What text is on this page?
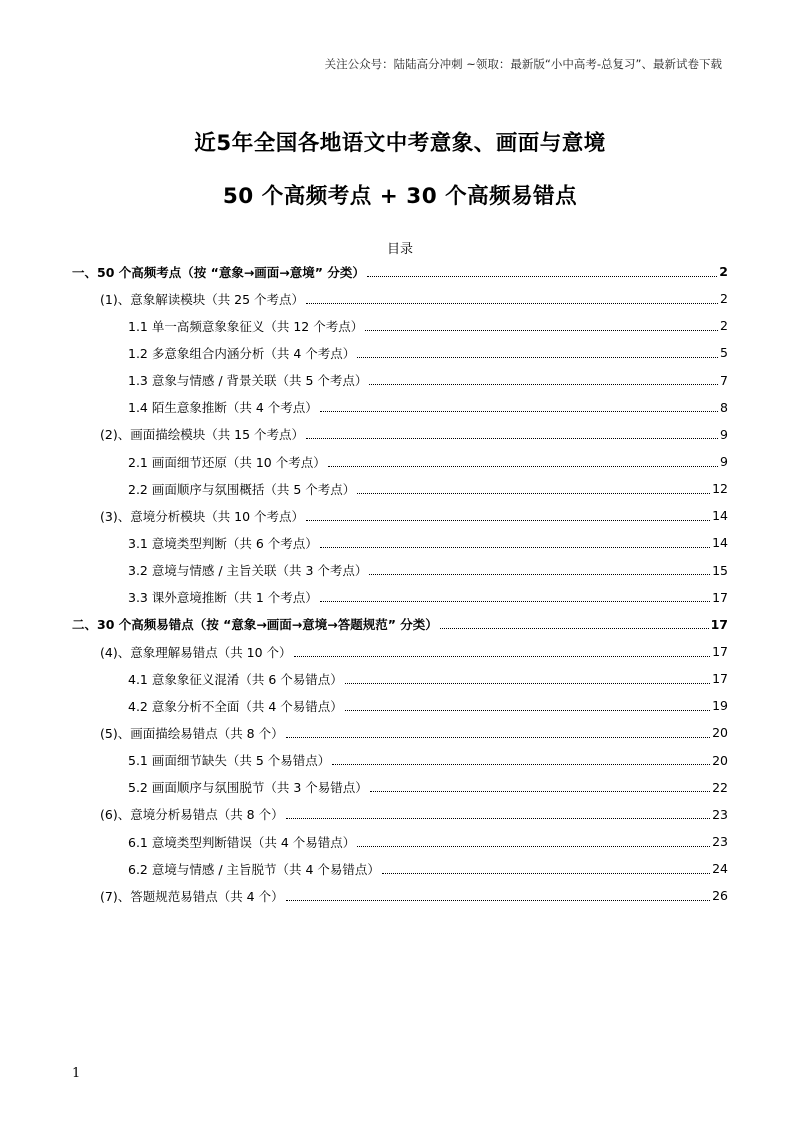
关注公众号：陆陆高分冲刺 ~领取：最新版“小中高考-总复习”、最新试卷下载
近5年全国各地语文中考意象、画面与意境
50 个高频考点 + 30 个高频易错点
目录
一、50 个高频考点（按 “意象→画面→意境” 分类）	2
(1)、意象解读模块（共 25 个考点）	2
1.1 单一高频意象象征义（共 12 个考点）	2
1.2 多意象组合内涵分析（共 4 个考点）	5
1.3 意象与情感 / 背景关联（共 5 个考点）	7
1.4 陌生意象推断（共 4 个考点）	8
(2)、画面描绘模块（共 15 个考点）	9
2.1 画面细节还原（共 10 个考点）	9
2.2 画面顺序与氛围概括（共 5 个考点）	12
(3)、意境分析模块（共 10 个考点）	14
3.1 意境类型判断（共 6 个考点）	14
3.2 意境与情感 / 主旨关联（共 3 个考点）	15
3.3 课外意境推断（共 1 个考点）	17
二、30 个高频易错点（按 “意象→画面→意境→答题规范” 分类）	17
(4)、意象理解易错点（共 10 个）	17
4.1 意象象征义混淆（共 6 个易错点）	17
4.2 意象分析不全面（共 4 个易错点）	19
(5)、画面描绘易错点（共 8 个）	20
5.1 画面细节缺失（共 5 个易错点）	20
5.2 画面顺序与氛围脱节（共 3 个易错点）	22
(6)、意境分析易错点（共 8 个）	23
6.1 意境类型判断错误（共 4 个易错点）	23
6.2 意境与情感 / 主旨脱节（共 4 个易错点）	24
(7)、答题规范易错点（共 4 个）	26
1
